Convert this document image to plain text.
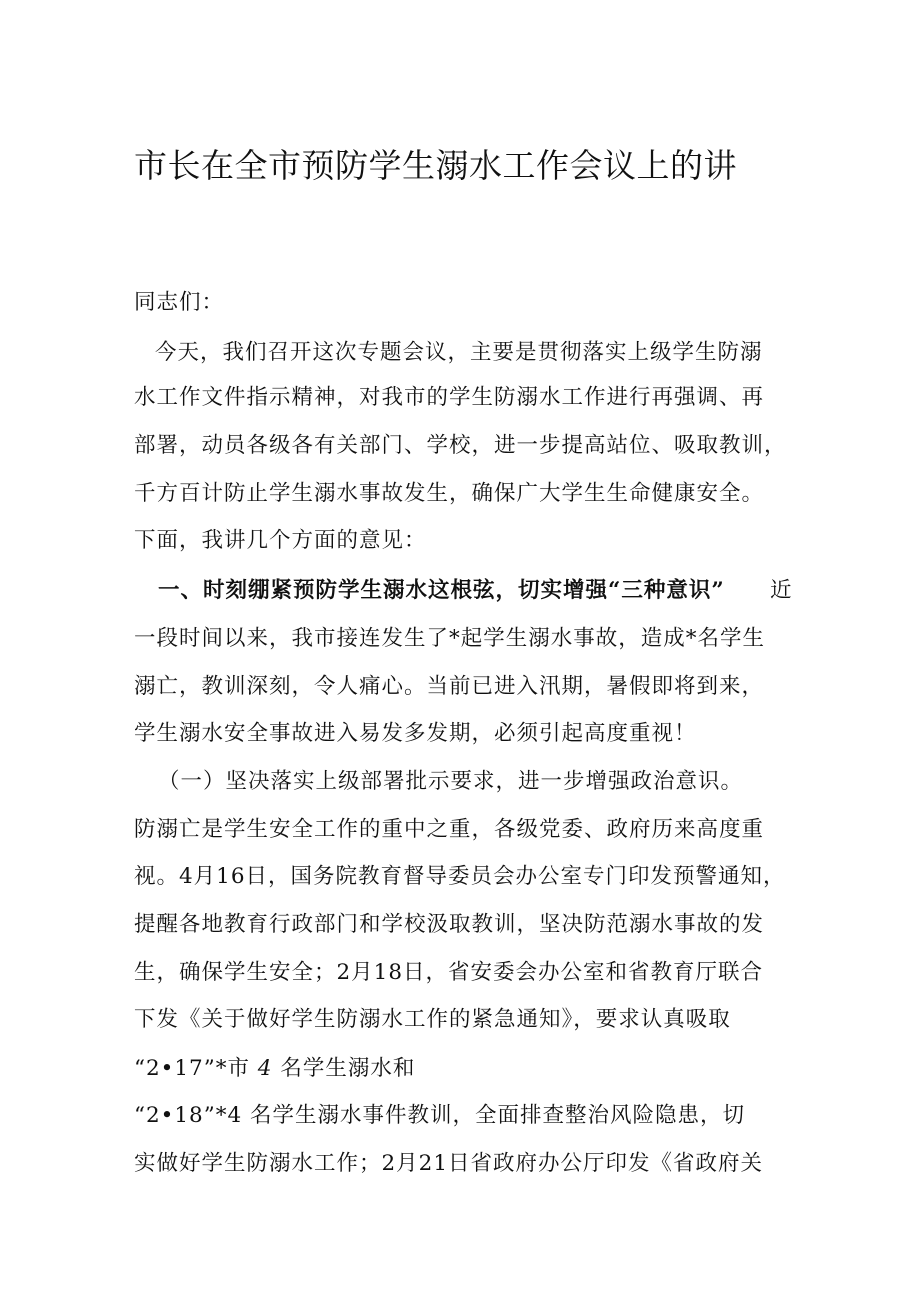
市长在全市预防学生溺水工作会议上的讲
同志们：
今天，我们召开这次专题会议，主要是贯彻落实上级学生防溺
水工作文件指示精神，对我市的学生防溺水工作进行再强调、再
部署，动员各级各有关部门、学校，进一步提高站位、吸取教训，
千方百计防止学生溺水事故发生，确保广大学生生命健康安全。
下面，我讲几个方面的意见：
一、时刻绷紧预防学生溺水这根弦，切实增强“三种意识” 近
一段时间以来，我市接连发生了*起学生溺水事故，造成*名学生
溺亡，教训深刻，令人痛心。当前已进入汛期，暑假即将到来，
学生溺水安全事故进入易发多发期，必须引起高度重视！
（一）坚决落实上级部署批示要求，进一步增强政治意识。
防溺亡是学生安全工作的重中之重，各级党委、政府历来高度重
视。4月16日，国务院教育督导委员会办公室专门印发预警通知，
提醒各地教育行政部门和学校汲取教训，坚决防范溺水事故的发
生，确保学生安全；2月18日，省安委会办公室和省教育厅联合
下发《关于做好学生防溺水工作的紧急通知》，要求认真吸取
“2•17”*市 4 名学生溺水和
“2•18”*4 名学生溺水事件教训，全面排查整治风险隐患，切
实做好学生防溺水工作；2月21日省政府办公厅印发《省政府关
